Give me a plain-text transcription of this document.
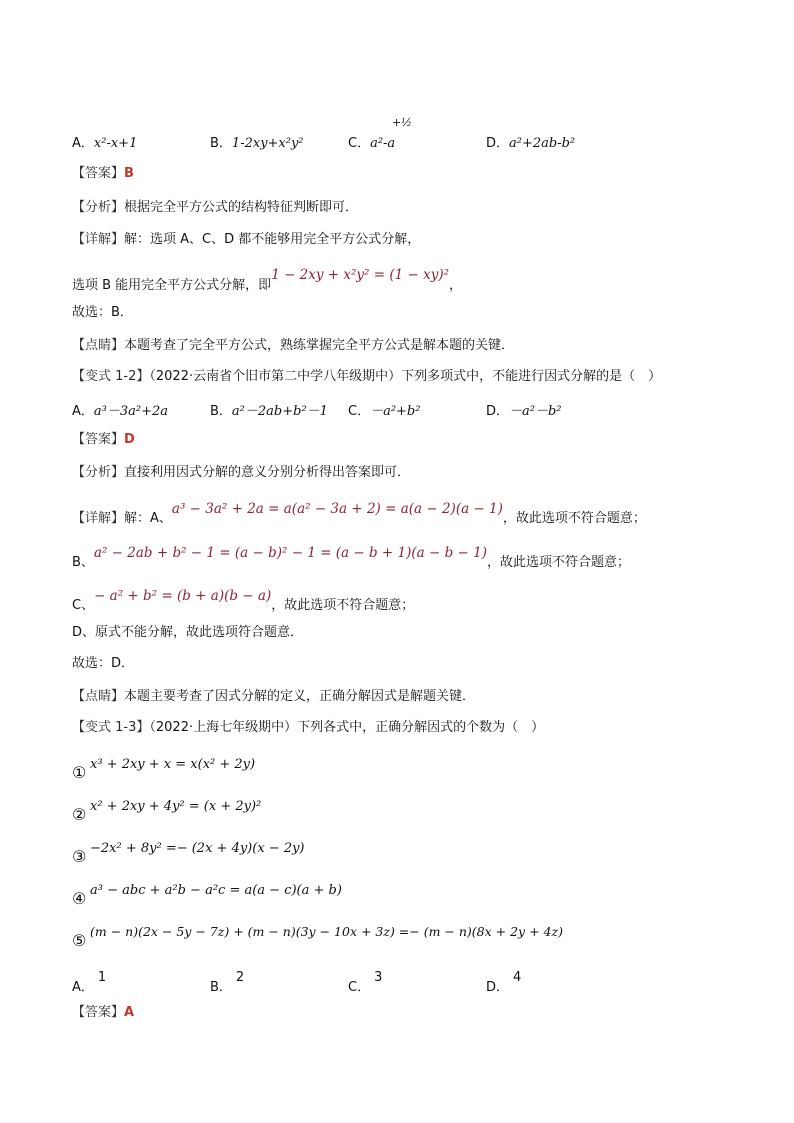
A．x²-x+1	B．1-2xy+x²y²	C．a²-a
+½
D．a²+2ab-b²
【答案】B
【分析】根据完全平方公式的结构特征判断即可．
【详解】解：选项 A、C、D 都不能够用完全平方公式分解，
选项 B 能用完全平方公式分解，即1 − 2xy + x²y² = (1 − xy)²，
故选：B．
【点睛】本题考查了完全平方公式，熟练掌握完全平方公式是解本题的关键．
【变式 1-2】（2022·云南省个旧市第二中学八年级期中）下列多项式中，不能进行因式分解的是（　）
A．a³－3a²+2a	B．a²－2ab+b²－1 C．－a²+b²	D．－a²－b²
【答案】D
【分析】直接利用因式分解的意义分别分析得出答案即可．
【详解】解：A、a³ − 3a² + 2a = a(a² − 3a + 2) = a(a − 2)(a − 1)，故此选项不符合题意；
B、a² − 2ab + b² − 1 = (a − b)² − 1 = (a − b + 1)(a − b − 1)，故此选项不符合题意；
C、− a² + b² = (b + a)(b − a)，故此选项不符合题意；
D、原式不能分解，故此选项符合题意．
故选：D．
【点睛】本题主要考查了因式分解的定义，正确分解因式是解题关键．
【变式 1-3】（2022·上海七年级期中）下列各式中，正确分解因式的个数为（　）
① x³ + 2xy + x = x(x² + 2y)
② x² + 2xy + 4y² = (x + 2y)²
③ −2x² + 8y² =− (2x + 4y)(x − 2y)
④ a³ − abc + a²b − a²c = a(a − c)(a + b)
⑤ (m − n)(2x − 5y − 7z) + (m − n)(3y − 10x + 3z) =− (m − n)(8x + 2y + 4z)
A．1
B．2
C．3
D．4
【答案】A
